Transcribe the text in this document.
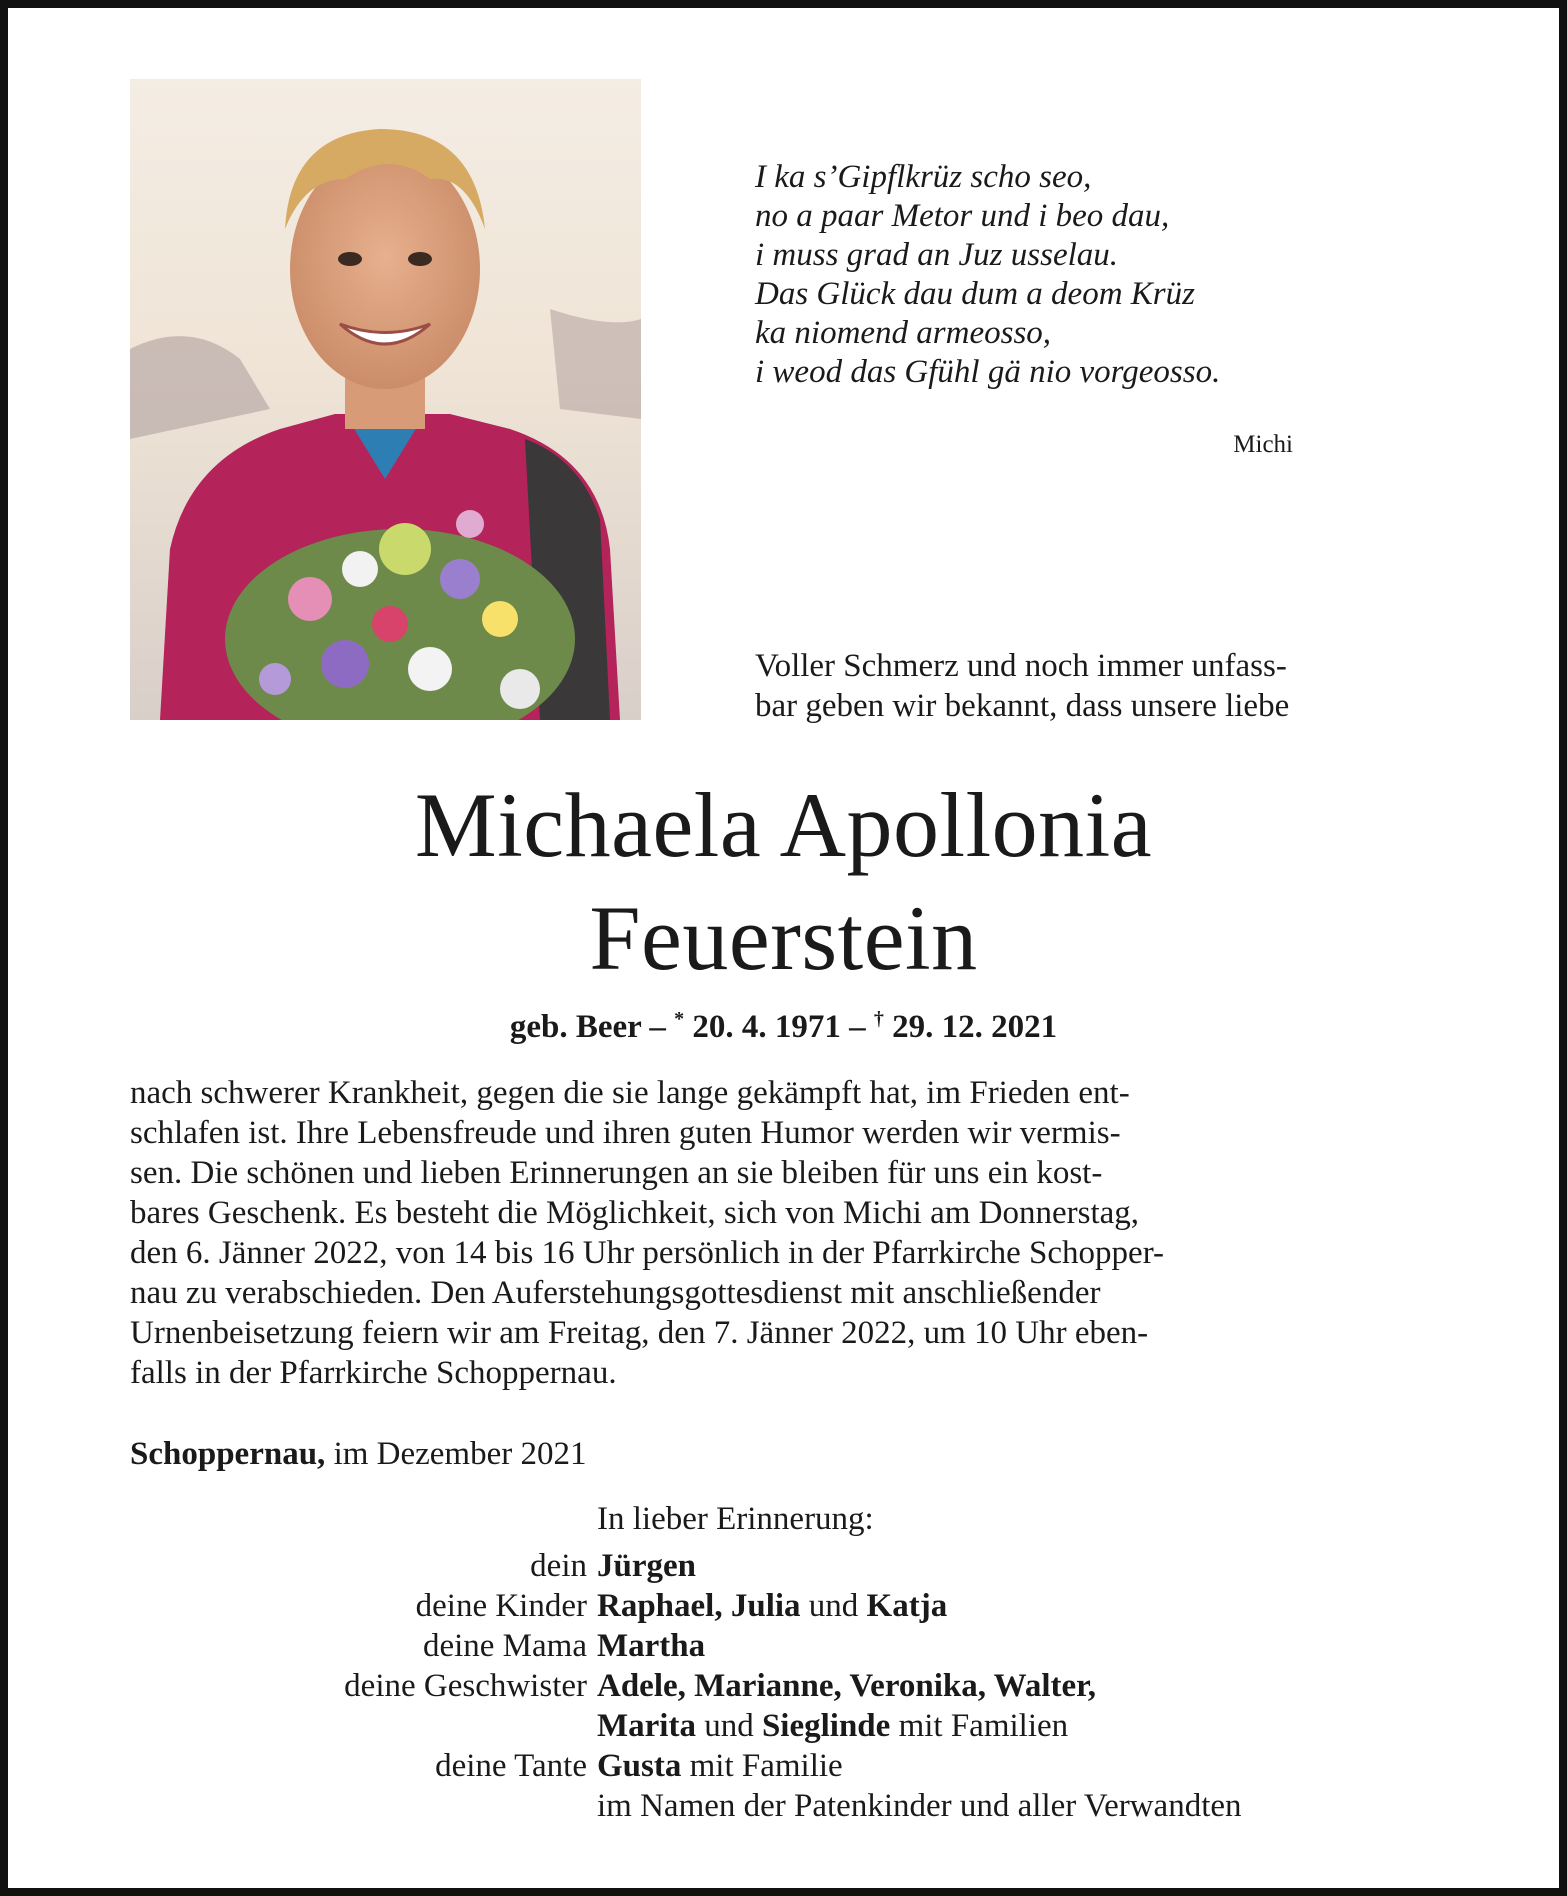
I ka s’Gipflkrüz scho seo,
no a paar Metor und i beo dau,
i muss grad an Juz usselau.
Das Glück dau dum a deom Krüz
ka niomend armeosso,
i weod das Gfühl gä nio vorgeosso.
Michi
Voller Schmerz und noch immer unfass-
bar geben wir bekannt, dass unsere liebe
Michaela Apollonia
Feuerstein
geb. Beer – * 20. 4. 1971 – † 29. 12. 2021
nach schwerer Krankheit, gegen die sie lange gekämpft hat, im Frieden ent-
schlafen ist. Ihre Lebensfreude und ihren guten Humor werden wir vermis-
sen. Die schönen und lieben Erinnerungen an sie bleiben für uns ein kost-
bares Geschenk. Es besteht die Möglichkeit, sich von Michi am Donnerstag,
den 6. Jänner 2022, von 14 bis 16 Uhr persönlich in der Pfarrkirche Schopper-
nau zu verabschieden. Den Auferstehungsgottesdienst mit anschließender
Urnenbeisetzung feiern wir am Freitag, den 7. Jänner 2022, um 10 Uhr eben-
falls in der Pfarrkirche Schoppernau.
Schoppernau, im Dezember 2021
In lieber Erinnerung:
dein Jürgen
deine Kinder Raphael, Julia und Katja
deine Mama Martha
deine Geschwister Adele, Marianne, Veronika, Walter,
Marita und Sieglinde mit Familien
deine Tante Gusta mit Familie
im Namen der Patenkinder und aller Verwandten
